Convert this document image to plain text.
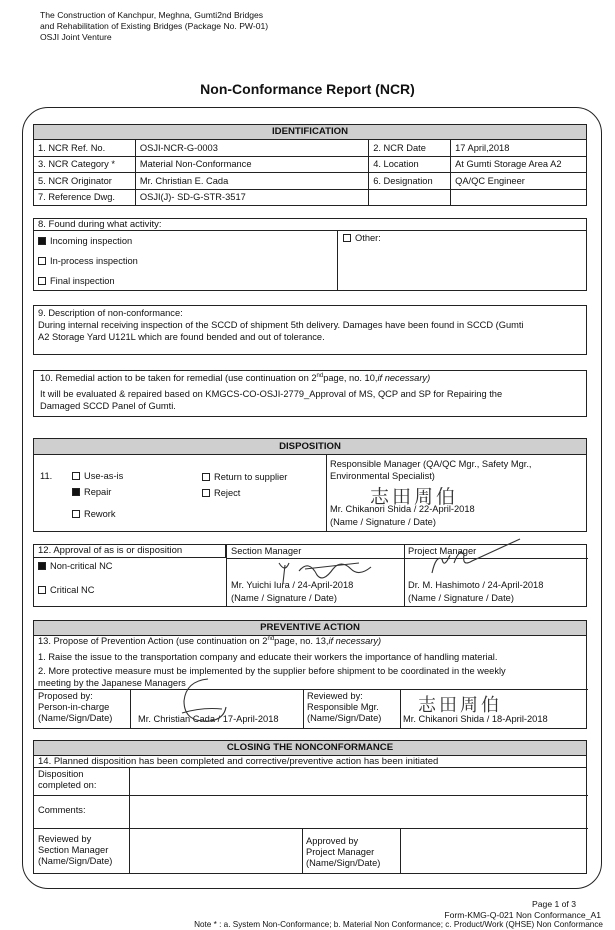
The Construction of Kanchpur, Meghna, Gumti2nd Bridges
and Rehabilitation of Existing Bridges (Package No. PW-01)
OSJI Joint Venture
Non-Conformance Report (NCR)
IDENTIFICATION
1. NCR Ref. No.	OSJI-NCR-G-0003	2. NCR Date	17 April,2018
3. NCR Category *	Material Non-Conformance	4. Location	At Gumti Storage Area A2
5. NCR Originator	Mr. Christian E. Cada	6. Designation	QA/QC Engineer
7. Reference Dwg.	OSJI(J)- SD-G-STR-3517		
8. Found during what activity:
Incoming inspection
In-process inspection
Final inspection
Other:
9. Description of non-conformance:
During internal receiving inspection of the SCCD of shipment 5th delivery. Damages have been found in SCCD (Gumti
A2 Storage Yard U121L which are found bended and out of tolerance.
10. Remedial action to be taken for remedial (use continuation on 2ndpage, no. 10,if necessary)
It will be evaluated & repaired based on KMGCS-CO-OSJI-2779_Approval of MS, QCP and SP for Repairing the
Damaged SCCD Panel of Gumti.
DISPOSITION
11.	Use-as-is
Repair
Rework
Return to supplier
Reject
Responsible Manager (QA/QC Mgr., Safety Mgr.,
Environmental Specialist)
Mr. Chikanori Shida / 22-April-2018
(Name / Signature / Date)
志田周伯
12. Approval of as is or disposition
Non-critical NC
Critical NC
Section Manager
Mr. Yuichi Iura / 24-April-2018
(Name / Signature / Date)
Project Manager
Dr. M. Hashimoto / 24-April-2018
(Name / Signature / Date)
PREVENTIVE ACTION
13. Propose of Prevention Action (use continuation on 2ndpage, no. 13,if necessary)
1. Raise the issue to the transportation company and educate their workers the importance of handling material.
2. More protective measure must be implemented by the supplier before shipment to be coordinated in the weekly
meeting by the Japanese Managers
Proposed by:
Person-in-charge
(Name/Sign/Date)	Mr. Christian Cada / 17-April-2018
Reviewed by:
Responsible Mgr.
(Name/Sign/Date) Mr. Chikanori Shida / 18-April-2018
志田周伯
CLOSING THE NONCONFORMANCE
14. Planned disposition has been completed and corrective/preventive action has been initiated
Disposition
completed on:
Comments:
Reviewed by
Section Manager
(Name/Sign/Date)
Approved by
Project Manager
(Name/Sign/Date)
Page 1 of 3
Form-KMG-Q-021 Non Conformance_A1
Note * : a. System Non-Conformance; b. Material Non Conformance; c. Product/Work (QHSE) Non Conformance
